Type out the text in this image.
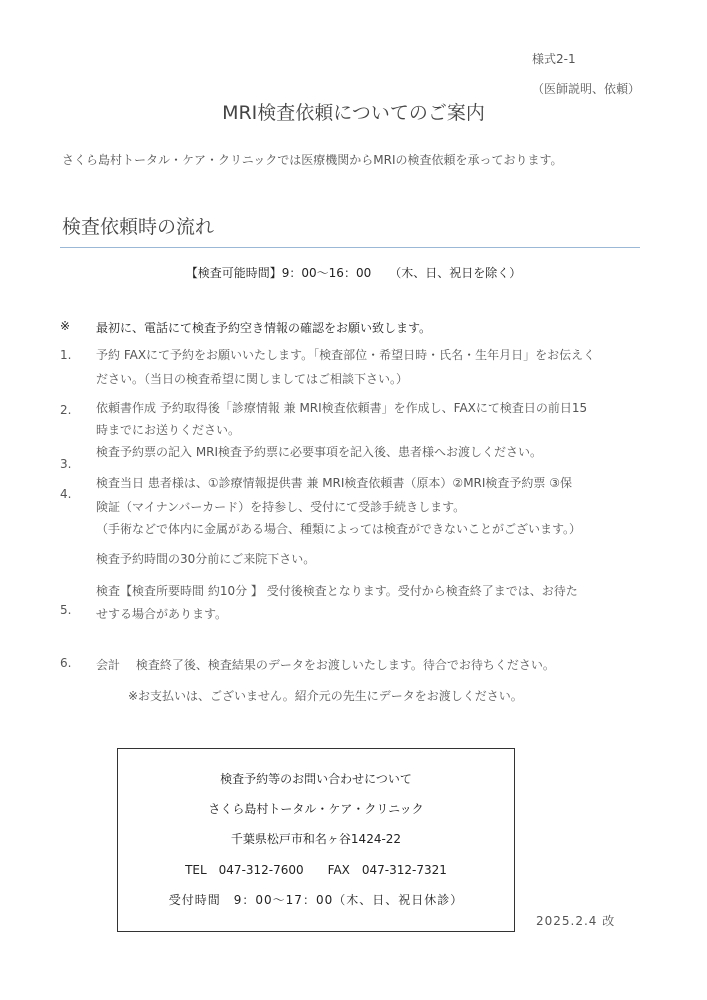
様式2-1
（医師説明、依頼）
MRI検査依頼についてのご案内
さくら島村トータル・ケア・クリニックでは医療機関からMRIの検査依頼を承っております。
検査依頼時の流れ
【検査可能時間】9：00〜16：00　　（木、日、祝日を除く）
※ 最初に、電話にて検査予約空き情報の確認をお願い致します。
1. 予約 FAXにて予約をお願いいたします。「検査部位・希望日時・氏名・生年月日」をお伝えく
ださい。（当日の検査希望に関しましてはご相談下さい。）
2. 依頼書作成 予約取得後「診療情報 兼 MRI検査依頼書」を作成し、FAXにて検査日の前日15
時までにお送りください。
3.
検査予約票の記入 MRI検査予約票に必要事項を記入後、患者様へお渡しください。
4.
検査当日 患者様は、①診療情報提供書 兼 MRI検査依頼書（原本）②MRI検査予約票 ③保
険証（マイナンバーカード）を持参し、受付にて受診手続きします。
（手術などで体内に金属がある場合、種類によっては検査ができないことがございます。）
検査予約時間の30分前にご来院下さい。
5.
検査【検査所要時間 約10分 】 受付後検査となります。受付から検査終了までは、お待た
せする場合があります。
6. 会計　 検査終了後、検査結果のデータをお渡しいたします。待合でお待ちください。
※お支払いは、ございません。紹介元の先生にデータをお渡しください。
検査予約等のお問い合わせについて
さくら島村トータル・ケア・クリニック
千葉県松戸市和名ヶ谷1424-22
TEL　047-312-7600　　FAX　047-312-7321
受付時間　9：00〜17：00（木、日、祝日休診）
2025.2.4 改
